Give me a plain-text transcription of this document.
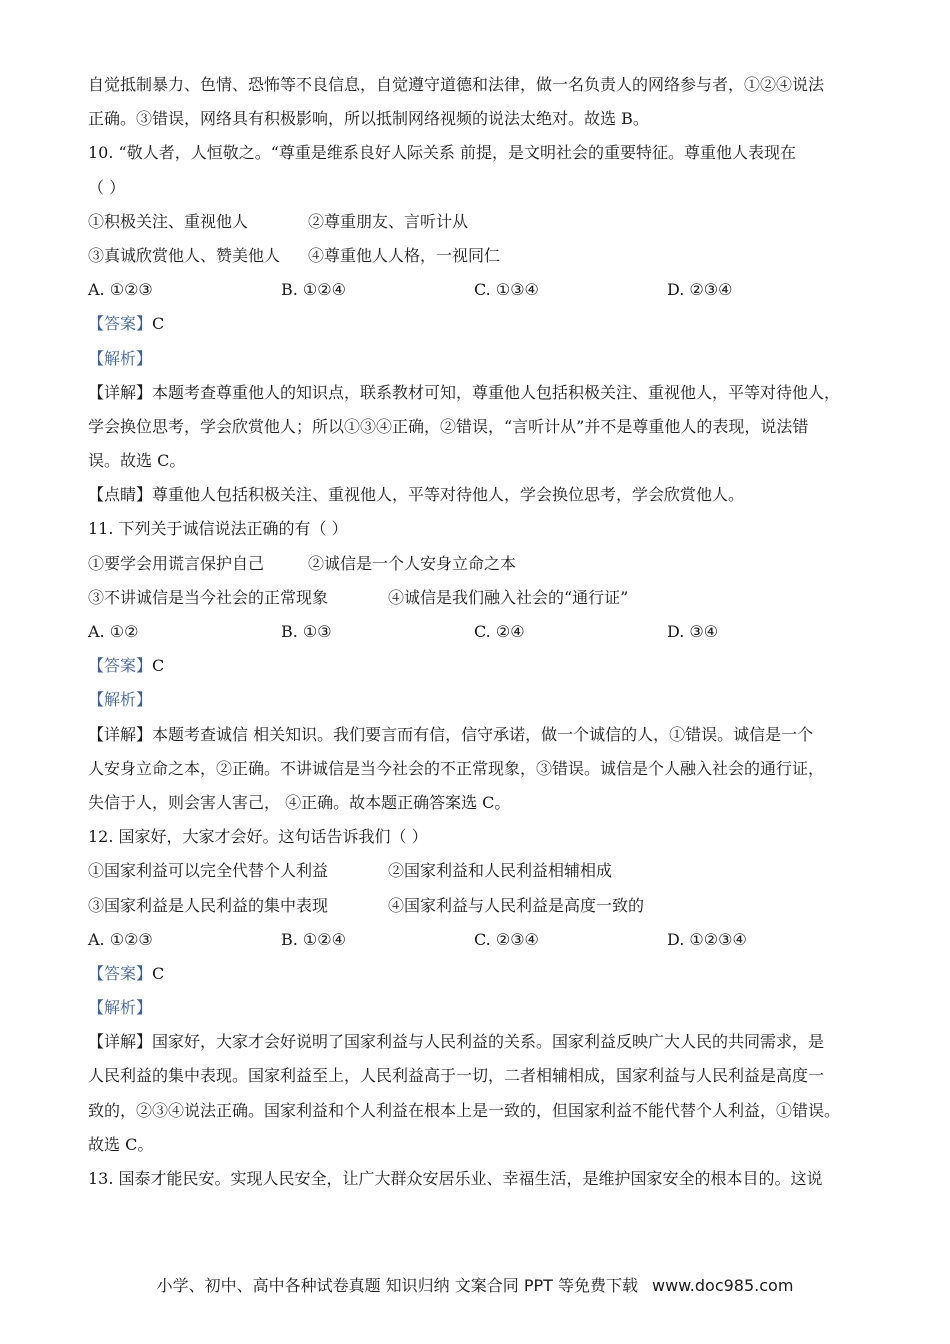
自觉抵制暴力、色情、恐怖等不良信息，自觉遵守道德和法律，做一名负责人的网络参与者，①②④说法
正确。③错误，网络具有积极影响，所以抵制网络视频的说法太绝对。故选 B。
10. “敬人者，人恒敬之。“尊重是维系良好人际关系 前提，是文明社会的重要特征。尊重他人表现在
（ ）
①积极关注、重视他人	②尊重朋友、言听计从
③真诚欣赏他人、赞美他人	④尊重他人人格，一视同仁
A. ①②③	B. ①②④	C. ①③④	D. ②③④
【答案】C
【解析】
【详解】本题考查尊重他人的知识点，联系教材可知，尊重他人包括积极关注、重视他人，平等对待他人，
学会换位思考，学会欣赏他人；所以①③④正确，②错误，“言听计从”并不是尊重他人的表现，说法错
误。故选 C。
【点睛】尊重他人包括积极关注、重视他人，平等对待他人，学会换位思考，学会欣赏他人。
11. 下列关于诚信说法正确的有（ ）
①要学会用谎言保护自己	②诚信是一个人安身立命之本
③不讲诚信是当今社会的正常现象	④诚信是我们融入社会的“通行证”
A. ①②	B. ①③	C. ②④	D. ③④
【答案】C
【解析】
【详解】本题考查诚信 相关知识。我们要言而有信，信守承诺，做一个诚信的人，①错误。诚信是一个
人安身立命之本，②正确。不讲诚信是当今社会的不正常现象，③错误。诚信是个人融入社会的通行证，
失信于人，则会害人害己， ④正确。故本题正确答案选 C。
12. 国家好，大家才会好。这句话告诉我们（ ）
①国家利益可以完全代替个人利益	②国家利益和人民利益相辅相成
③国家利益是人民利益的集中表现	④国家利益与人民利益是高度一致的
A. ①②③	B. ①②④	C. ②③④	D. ①②③④
【答案】C
【解析】
【详解】国家好，大家才会好说明了国家利益与人民利益的关系。国家利益反映广大人民的共同需求，是
人民利益的集中表现。国家利益至上，人民利益高于一切，二者相辅相成，国家利益与人民利益是高度一
致的，②③④说法正确。国家利益和个人利益在根本上是一致的，但国家利益不能代替个人利益，①错误。
故选 C。
13. 国泰才能民安。实现人民安全，让广大群众安居乐业、幸福生活，是维护国家安全的根本目的。这说
小学、初中、高中各种试卷真题 知识归纳 文案合同 PPT 等免费下载 www.doc985.com
